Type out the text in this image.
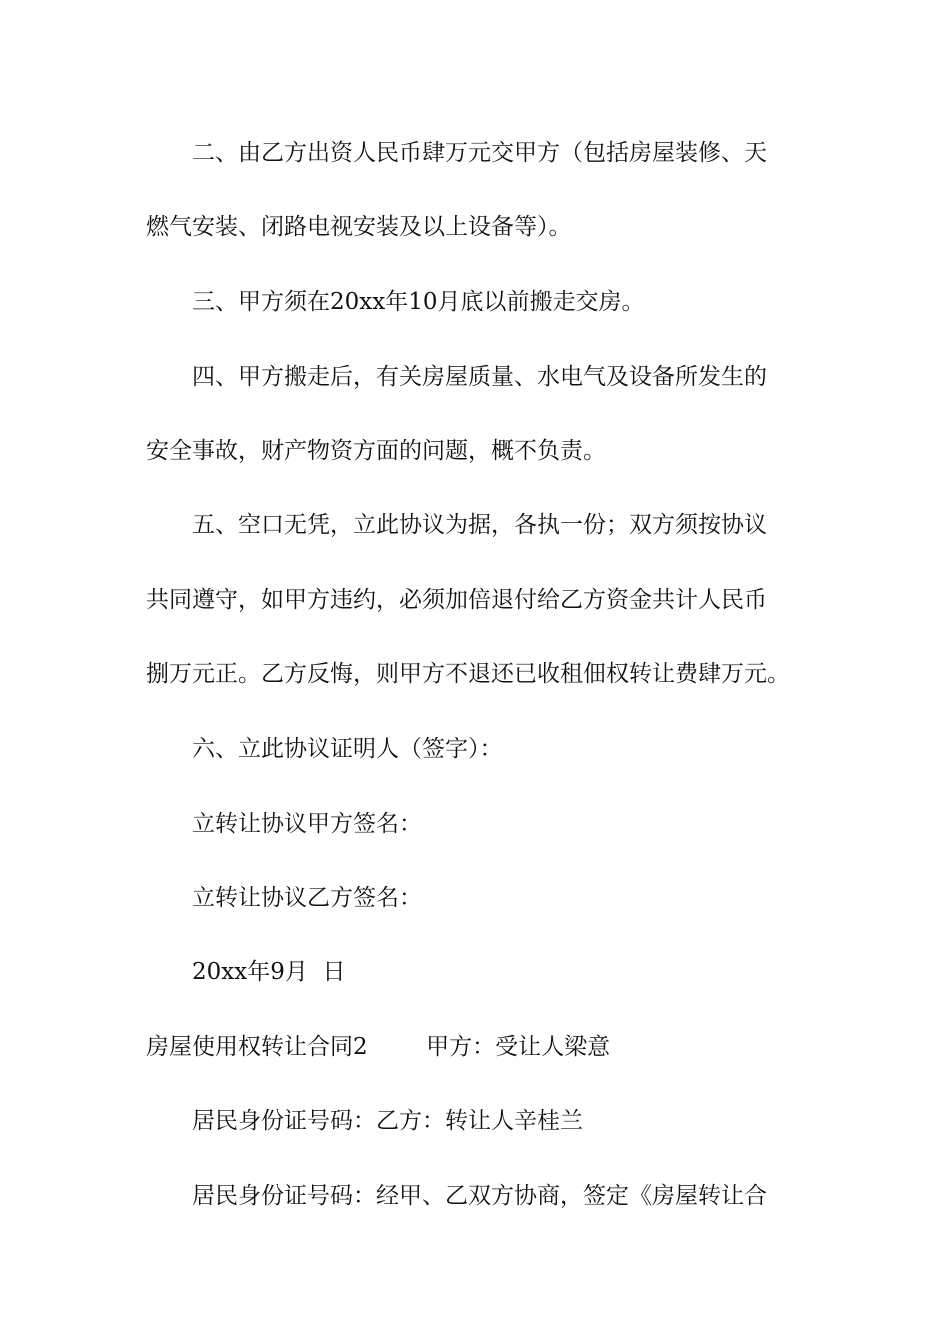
二、由乙方出资人民币肆万元交甲方（包括房屋装修、天

燃气安装、闭路电视安装及以上设备等）。

三、甲方须在20xx年10月底以前搬走交房。

四、甲方搬走后，有关房屋质量、水电气及设备所发生的

安全事故，财产物资方面的问题，概不负责。

五、空口无凭，立此协议为据，各执一份；双方须按协议

共同遵守，如甲方违约，必须加倍退付给乙方资金共计人民币

捌万元正。乙方反悔，则甲方不退还已收租佃权转让费肆万元。

六、立此协议证明人（签字）：

立转让协议甲方签名：

立转让协议乙方签名：

20xx年9月  日

房屋使用权转让合同2        甲方：受让人梁意

居民身份证号码：乙方：转让人辛桂兰

居民身份证号码：经甲、乙双方协商，签定《房屋转让合
